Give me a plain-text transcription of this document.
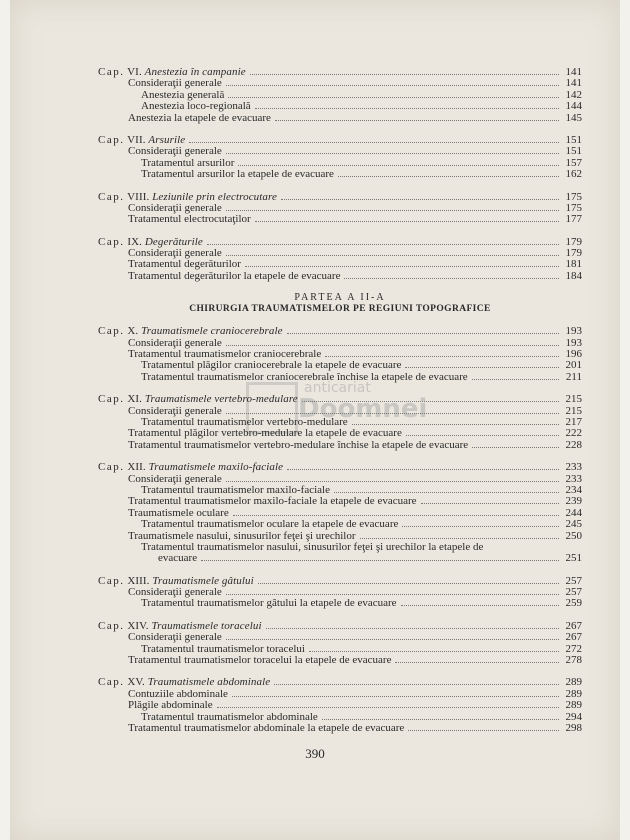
anticariat
Doomnei
Cap. VI. Anestezia în campanie	141
Consideraţii generale	141
Anestezia generală	142
Anestezia loco-regională	144
Anestezia la etapele de evacuare	145
Cap. VII. Arsurile	151
Consideraţii generale	151
Tratamentul arsurilor	157
Tratamentul arsurilor la etapele de evacuare	162
Cap. VIII. Leziunile prin electrocutare	175
Consideraţii generale	175
Tratamentul electrocutaţilor	177
Cap. IX. Degerăturile	179
Consideraţii generale	179
Tratamentul degerăturilor	181
Tratamentul degerăturilor la etapele de evacuare	184
PARTEA A II-A
CHIRURGIA TRAUMATISMELOR PE REGIUNI TOPOGRAFICE
Cap. X. Traumatismele craniocerebrale	193
Consideraţii generale	193
Tratamentul traumatismelor craniocerebrale	196
Tratamentul plăgilor craniocerebrale la etapele de evacuare	201
Tratamentul traumatismelor craniocerebrale închise la etapele de evacuare	211
Cap. XI. Traumatismele vertebro-medulare	215
Consideraţii generale	215
Tratamentul traumatismelor vertebro-medulare	217
Tratamentul plăgilor vertebro-medulare la etapele de evacuare	222
Tratamentul traumatismelor vertebro-medulare închise la etapele de evacuare	228
Cap. XII. Traumatismele maxilo-faciale	233
Consideraţii generale	233
Tratamentul traumatismelor maxilo-faciale	234
Tratamentul traumatismelor maxilo-faciale la etapele de evacuare	239
Traumatismele oculare	244
Tratamentul traumatismelor oculare la etapele de evacuare	245
Traumatismele nasului, sinusurilor feţei şi urechilor	250
Tratamentul traumatismelor nasului, sinusurilor feţei şi urechilor la etapele de
evacuare	251
Cap. XIII. Traumatismele gâtului	257
Consideraţii generale	257
Tratamentul traumatismelor gâtului la etapele de evacuare	259
Cap. XIV. Traumatismele toracelui	267
Consideraţii generale	267
Tratamentul traumatismelor toracelui	272
Tratamentul traumatismelor toracelui la etapele de evacuare	278
Cap. XV. Traumatismele abdominale	289
Contuziile abdominale	289
Plăgile abdominale	289
Tratamentul traumatismelor abdominale	294
Tratamentul traumatismelor abdominale la etapele de evacuare	298
390
